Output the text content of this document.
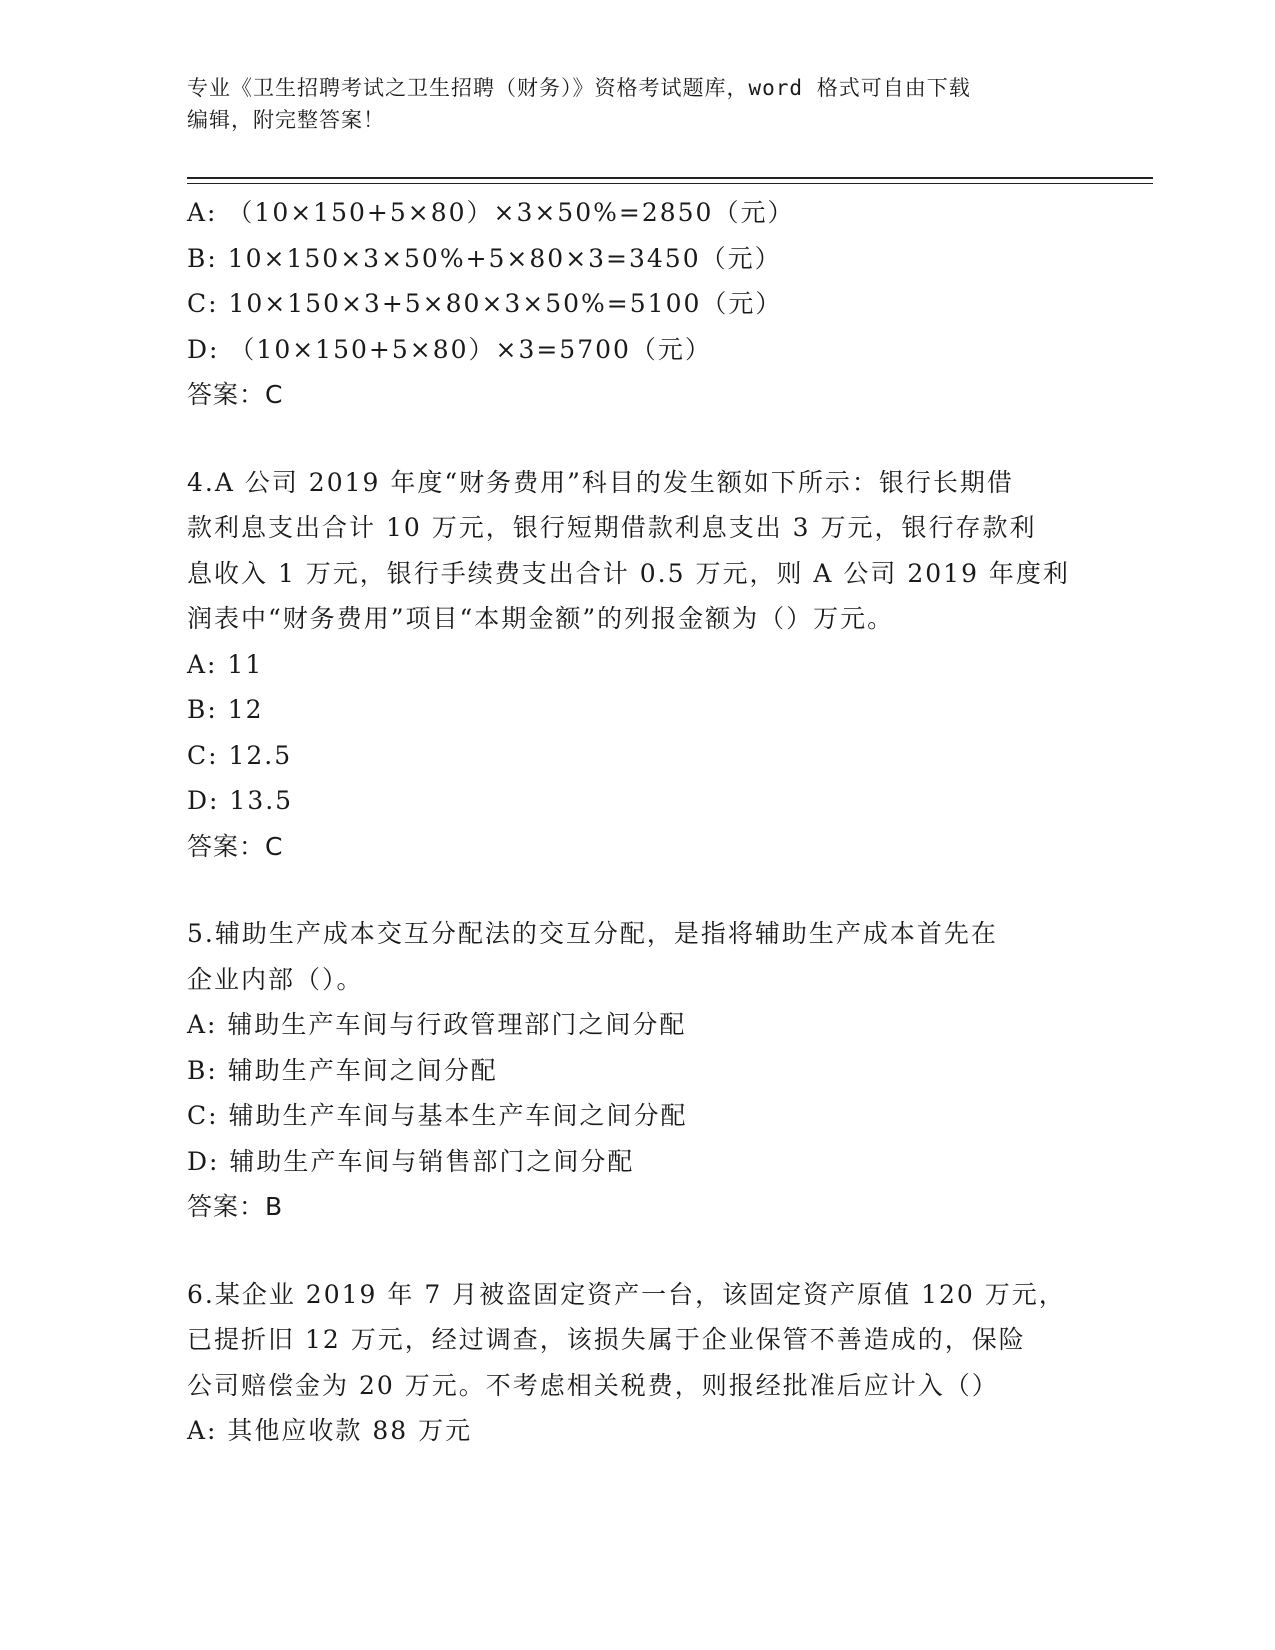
专业《卫生招聘考试之卫生招聘（财务）》资格考试题库，word 格式可自由下载
编辑，附完整答案！
A: （10×150+5×80）×3×50%=2850（元）
B: 10×150×3×50%+5×80×3=3450（元）
C: 10×150×3+5×80×3×50%=5100（元）
D: （10×150+5×80）×3=5700（元）
答案：C
4.A 公司 2019 年度“财务费用”科目的发生额如下所示：银行长期借
款利息支出合计 10 万元，银行短期借款利息支出 3 万元，银行存款利
息收入 1 万元，银行手续费支出合计 0.5 万元，则 A 公司 2019 年度利
润表中“财务费用”项目“本期金额”的列报金额为（）万元。
A: 11
B: 12
C: 12.5
D: 13.5
答案：C
5.辅助生产成本交互分配法的交互分配，是指将辅助生产成本首先在
企业内部（）。
A: 辅助生产车间与行政管理部门之间分配
B: 辅助生产车间之间分配
C: 辅助生产车间与基本生产车间之间分配
D: 辅助生产车间与销售部门之间分配
答案：B
6.某企业 2019 年 7 月被盗固定资产一台，该固定资产原值 120 万元，
已提折旧 12 万元，经过调查，该损失属于企业保管不善造成的，保险
公司赔偿金为 20 万元。不考虑相关税费，则报经批准后应计入（）
A: 其他应收款 88 万元
